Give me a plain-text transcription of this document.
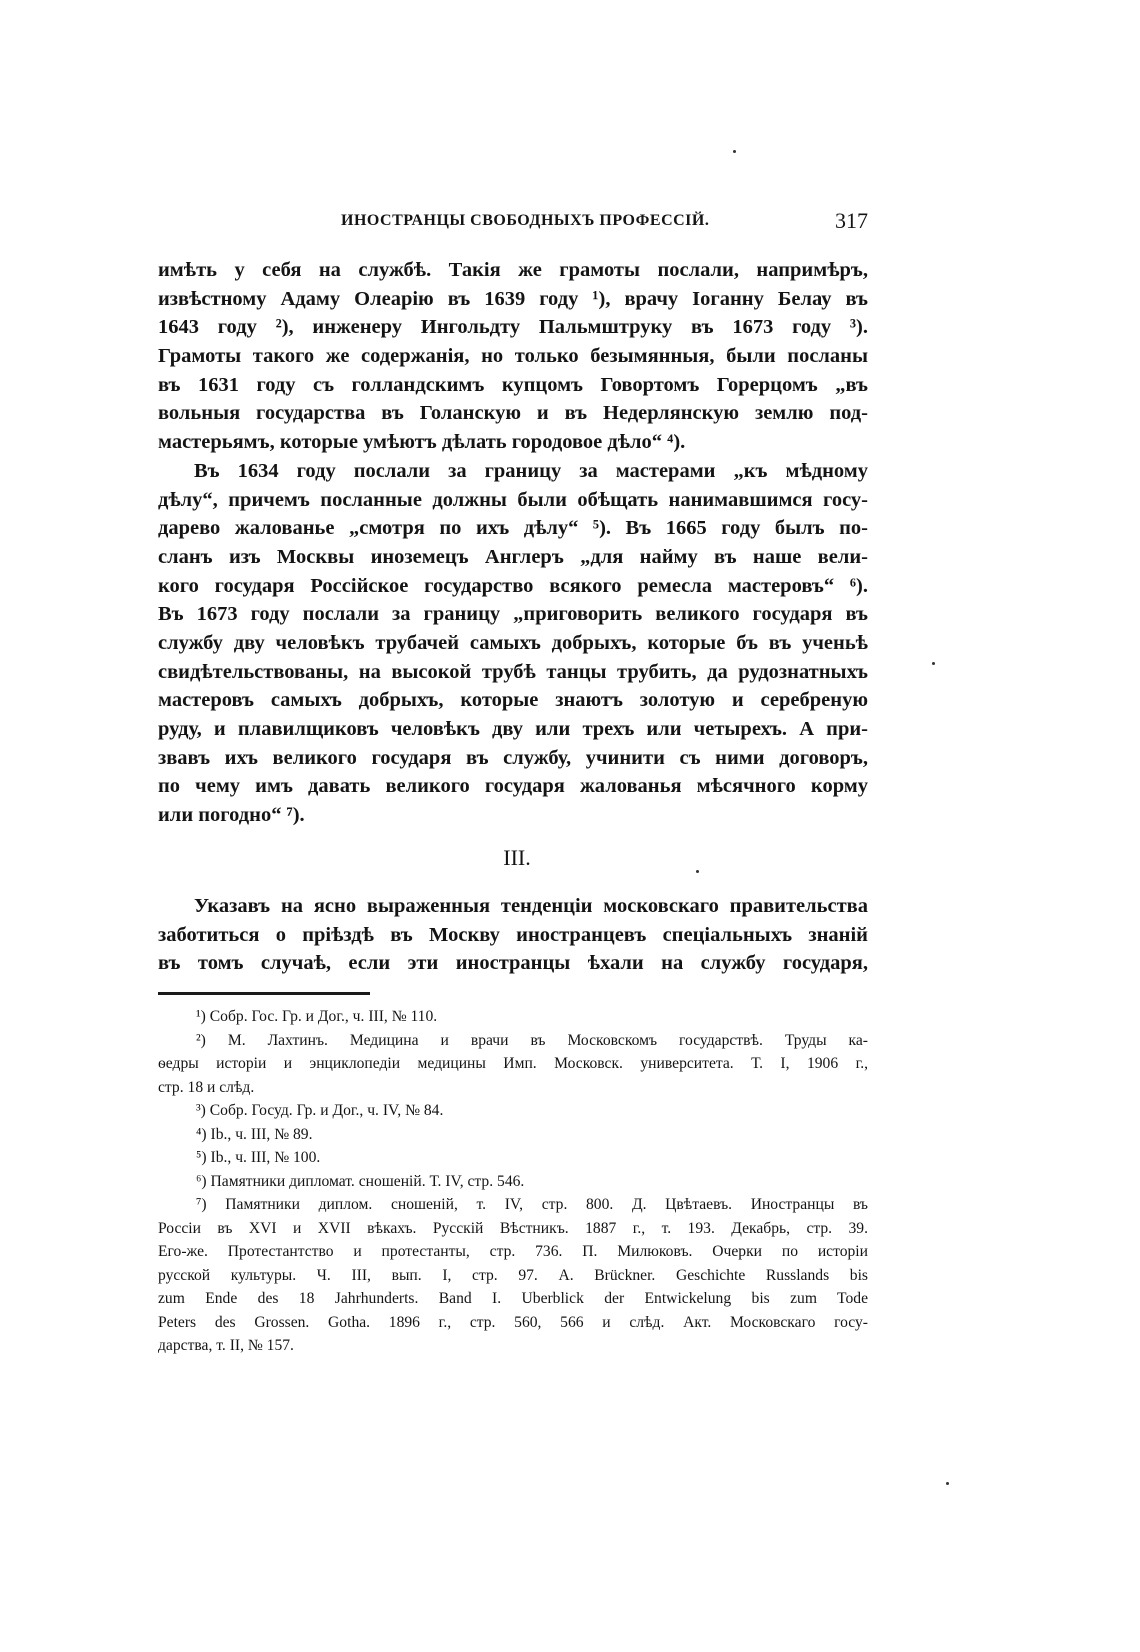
ИНОСТРАНЦЫ СВОБОДНЫХЪ ПРОФЕССІЙ.	317
имѣть у себя на службѣ. Такія же грамоты послали, напримѣръ,
извѣстному Адаму Олеарію въ 1639 году ¹), врачу Іоганну Белау въ
1643 году ²), инженеру Ингольдту Пальмштруку въ 1673 году ³).
Грамоты такого же содержанія, но только безымянныя, были посланы
въ 1631 году съ голландскимъ купцомъ Говортомъ Горерцомъ „въ
вольныя государства въ Голанскую и въ Недерлянскую землю под-
мастерьямъ, которые умѣютъ дѣлать городовое дѣло“ ⁴).
Въ 1634 году послали за границу за мастерами „къ мѣдному
дѣлу“, причемъ посланные должны были обѣщать нанимавшимся госу-
дарево жалованье „смотря по ихъ дѣлу“ ⁵). Въ 1665 году былъ по-
сланъ изъ Москвы иноземецъ Англеръ „для найму въ наше вели-
кого государя Россійское государство всякого ремесла мастеровъ“ ⁶).
Въ 1673 году послали за границу „приговорить великого государя въ
службу дву человѣкъ трубачей самыхъ добрыхъ, которые бъ въ ученьѣ
свидѣтельствованы, на высокой трубѣ танцы трубить, да рудознатныхъ
мастеровъ самыхъ добрыхъ, которые знаютъ золотую и серебреную
руду, и плавилщиковъ человѣкъ дву или трехъ или четырехъ. А при-
звавъ ихъ великого государя въ службу, учинити съ ними договоръ,
по чему имъ давать великого государя жалованья мѣсячного корму
или погодно“ ⁷).
III.
Указавъ на ясно выраженныя тенденціи московскаго правительства
заботиться о пріѣздѣ въ Москву иностранцевъ спеціальныхъ знаній
въ томъ случаѣ, если эти иностранцы ѣхали на службу государя,
¹) Собр. Гос. Гр. и Дог., ч. III, № 110.
²) М. Лахтинъ. Медицина и врачи въ Московскомъ государствѣ. Труды ка-
ѳедры исторіи и энциклопедіи медицины Имп. Московск. университета. Т. I, 1906 г.,
стр. 18 и слѣд.
³) Собр. Госуд. Гр. и Дог., ч. IV, № 84.
⁴) Ib., ч. III, № 89.
⁵) Ib., ч. III, № 100.
⁶) Памятники дипломат. сношеній. Т. IV, стр. 546.
⁷) Памятники диплом. сношеній, т. IV, стр. 800. Д. Цвѣтаевъ. Иностранцы въ
Россіи въ XVI и XVII вѣкахъ. Русскій Вѣстникъ. 1887 г., т. 193. Декабрь, стр. 39.
Его-же. Протестантство и протестанты, стр. 736. П. Милюковъ. Очерки по исторіи
русской культуры. Ч. III, вып. I, стр. 97. A. Brückner. Geschichte Russlands bis
zum Ende des 18 Jahrhunderts. Band I. Uberblick der Entwickelung bis zum Tode
Peters des Grossen. Gotha. 1896 г., стр. 560, 566 и слѣд. Акт. Московскаго госу-
дарства, т. II, № 157.
